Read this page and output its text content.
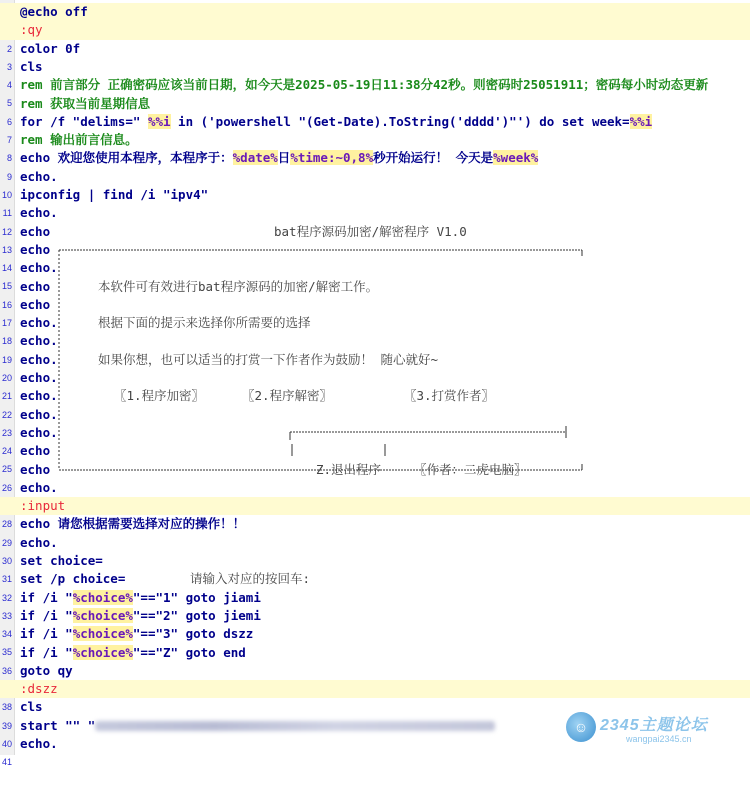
@echo off

2

:qy

3

color 0f

4

cls

5

rem 前言部分 正确密码应该当前日期，如今天是2025-05-19日11:38分42秒。则密码时25051911；密码每小时动态更新

6

rem 获取当前星期信息

7

for /f "delims=" %%i in ('powershell "(Get-Date).ToString('dddd')"') do set week=%%i

8

rem 输出前言信息。

9

echo 欢迎您使用本程序，本程序于：%date%日%time:~0,8%秒开始运行！ 今天是%week%

10

echo.

11

ipconfig | find /i "ipv4"

12

echo.

13

echo

	bat程序源码加密/解密程序 V1.0

14

echo

15

echo.

16

echo

	本软件可有效进行bat程序源码的加密/解密工作。

17

echo

18

echo.

	根据下面的提示来选择你所需要的选择

19

echo.

20

echo.

	如果你想，也可以适当的打赏一下作者作为鼓励！ 随心就好~

21

echo.

22

echo.

	〖1.程序加密〗

	〖2.程序解密〗

	〖3.打赏作者〗

23

echo.

24

echo.

25

echo

26

echo

	Z.退出程序

	〖作者：二虎电脑〗

echo.

28

:input

29

echo 请您根据需要选择对应的操作！！

30

echo.

31

set choice=

32

set /p choice=

	请输入对应的按回车:

33

if /i "%choice%"=="1" goto jiami

34

if /i "%choice%"=="2" goto jiemi

35

if /i "%choice%"=="3" goto dszz

36

if /i "%choice%"=="Z" goto end

goto qy

38

:dszz

39

cls

40

start "" "

41

echo.

☺ 2345主题论坛
wangpai2345.cn
